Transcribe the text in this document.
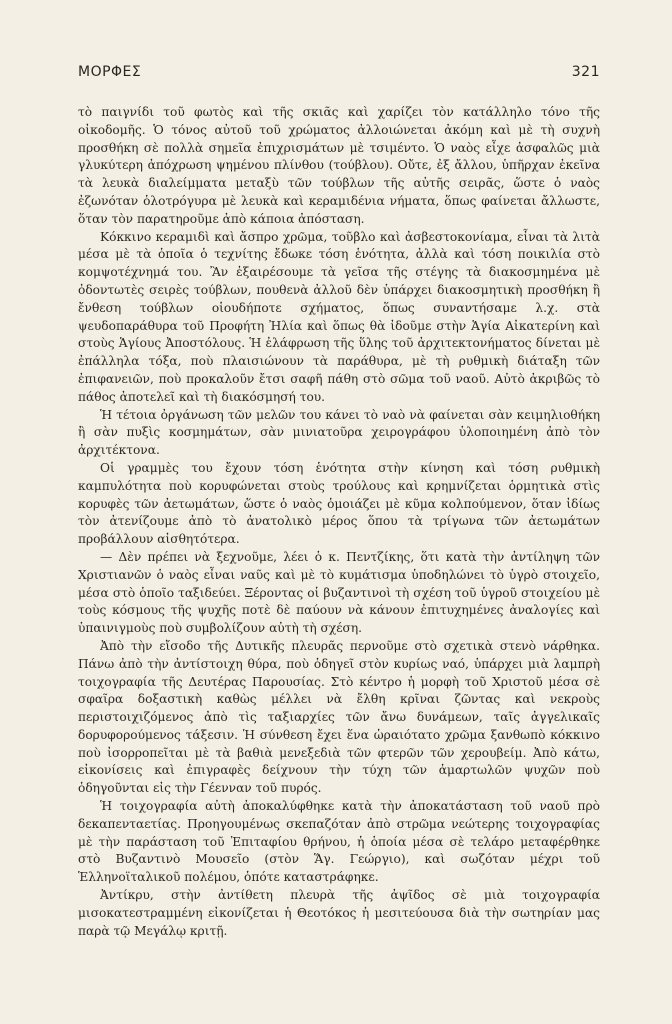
ΜΟΡΦΕΣ	321

τὸ παιγνίδι τοῦ φωτὸς καὶ τῆς σκιᾶς καὶ χαρίζει τὸν κατάλληλο τόνο τῆς οἰκοδομῆς. Ὁ τόνος αὐτοῦ τοῦ χρώματος ἀλλοιώνεται ἀκόμη καὶ μὲ τὴ συχνὴ προσθήκη σὲ πολλὰ σημεῖα ἐπιχρισμάτων μὲ τσιμέντο. Ὁ ναὸς εἶχε ἀσφαλῶς μιὰ γλυκύτερη ἀπόχρωση ψημένου πλίνθου (τούβλου). Οὔτε, ἐξ ἄλλου, ὑπῆρχαν ἐκεῖνα τὰ λευκὰ διαλείμματα μεταξὺ τῶν τούβλων τῆς αὐτῆς σειρᾶς, ὥστε ὁ ναὸς ἐζωνόταν ὁλοτρόγυρα μὲ λευκὰ καὶ κεραμιδένια νήματα, ὅπως φαίνεται ἄλλωστε, ὅταν τὸν παρατηροῦμε ἀπὸ κάποια ἀπόσταση.

Κόκκινο κεραμιδὶ καὶ ἄσπρο χρῶμα, τοῦβλο καὶ ἀσβεστοκονίαμα, εἶναι τὰ λιτὰ μέσα μὲ τὰ ὁποῖα ὁ τεχνίτης ἔδωκε τόση ἑνότητα, ἀλλὰ καὶ τόση ποικιλία στὸ κομψοτέχνημά του. Ἂν ἐξαιρέσουμε τὰ γεῖσα τῆς στέγης τὰ διακοσμημένα μὲ ὀδοντωτὲς σειρὲς τούβλων, πουθενὰ ἀλλοῦ δὲν ὑπάρχει διακοσμητικὴ προσθήκη ἢ ἔνθεση τούβλων οἱουδήποτε σχήματος, ὅπως συναντήσαμε λ.χ. στὰ ψευδοπαράθυρα τοῦ Προφήτη Ἠλία καὶ ὅπως θὰ ἰδοῦμε στὴν Ἁγία Αἰκατερίνη καὶ στοὺς Ἁγίους Ἀποστόλους. Ἡ ἐλάφρωση τῆς ὕλης τοῦ ἀρχιτεκτονήματος δίνεται μὲ ἐπάλληλα τόξα, ποὺ πλαισιώνουν τὰ παράθυρα, μὲ τὴ ρυθμικὴ διάταξη τῶν ἐπιφανειῶν, ποὺ προκαλοῦν ἔτσι σαφῆ πάθη στὸ σῶμα τοῦ ναοῦ. Αὐτὸ ἀκριβῶς τὸ πάθος ἀποτελεῖ καὶ τὴ διακόσμησή του.

Ἡ τέτοια ὀργάνωση τῶν μελῶν του κάνει τὸ ναὸ νὰ φαίνεται σὰν κειμηλιοθήκη ἢ σὰν πυξὶς κοσμημάτων, σὰν μινιατοῦρα χειρογράφου ὑλοποιημένη ἀπὸ τὸν ἀρχιτέκτονα.

Οἱ γραμμὲς του ἔχουν τόση ἑνότητα στὴν κίνηση καὶ τόση ρυθμικὴ καμπυλότητα ποὺ κορυφώνεται στοὺς τρούλους καὶ κρημνίζεται ὁρμητικὰ στὶς κορυφὲς τῶν ἀετωμάτων, ὥστε ὁ ναὸς ὁμοιάζει μὲ κῦμα κολπούμενον, ὅταν ἰδίως τὸν ἀτενίζουμε ἀπὸ τὸ ἀνατολικὸ μέρος ὅπου τὰ τρίγωνα τῶν ἀετωμάτων προβάλλουν αἰσθητότερα.

— Δὲν πρέπει νὰ ξεχνοῦμε, λέει ὁ κ. Πεντζίκης, ὅτι κατὰ τὴν ἀντίληψη τῶν Χριστιανῶν ὁ ναὸς εἶναι ναῦς καὶ μὲ τὸ κυμάτισμα ὑποδηλώνει τὸ ὑγρὸ στοιχεῖο, μέσα στὸ ὁποῖο ταξιδεύει. Ξέροντας οἱ βυζαντινοὶ τὴ σχέση τοῦ ὑγροῦ στοιχείου μὲ τοὺς κόσμους τῆς ψυχῆς ποτὲ δὲ παύουν νὰ κάνουν ἐπιτυχημένες ἀναλογίες καὶ ὑπαινιγμοὺς ποὺ συμβολίζουν αὐτὴ τὴ σχέση.

Ἀπὸ τὴν εἴσοδο τῆς Δυτικῆς πλευρᾶς περνοῦμε στὸ σχετικὰ στενὸ νάρθηκα. Πάνω ἀπὸ τὴν ἀντίστοιχη θύρα, ποὺ ὁδηγεῖ στὸν κυρίως ναό, ὑπάρχει μιὰ λαμπρὴ τοιχογραφία τῆς Δευτέρας Παρουσίας. Στὸ κέντρο ἡ μορφὴ τοῦ Χριστοῦ μέσα σὲ σφαῖρα δοξαστικὴ καθὼς μέλλει νὰ ἔλθη κρῖναι ζῶντας καὶ νεκροὺς περιστοιχιζόμενος ἀπὸ τὶς ταξιαρχίες τῶν ἄνω δυνάμεων, ταῖς ἀγγελικαῖς δορυφορούμενος τάξεσιν. Ἡ σύνθεση ἔχει ἕνα ὡραιότατο χρῶμα ξανθωπὸ κόκκινο ποὺ ἰσορροπεῖται μὲ τὰ βαθιὰ μενεξεδιὰ τῶν φτερῶν τῶν χερουβείμ. Ἀπὸ κάτω, εἰκονίσεις καὶ ἐπιγραφὲς δείχνουν τὴν τύχη τῶν ἁμαρτωλῶν ψυχῶν ποὺ ὁδηγοῦνται εἰς τὴν Γέενναν τοῦ πυρός.

Ἡ τοιχογραφία αὐτὴ ἀποκαλύφθηκε κατὰ τὴν ἀποκατάσταση τοῦ ναοῦ πρὸ δεκαπενταετίας. Προηγουμένως σκεπαζόταν ἀπὸ στρῶμα νεώτερης τοιχογραφίας μὲ τὴν παράσταση τοῦ Ἐπιταφίου θρήνου, ἡ ὁποία μέσα σὲ τελάρο μεταφέρθηκε στὸ Βυζαντινὸ Μουσεῖο (στὸν Ἅγ. Γεώργιο), καὶ σωζόταν μέχρι τοῦ Ἑλληνοϊταλικοῦ πολέμου, ὁπότε καταστράφηκε.

Ἀντίκρυ, στὴν ἀντίθετη πλευρὰ τῆς ἀψῖδος σὲ μιὰ τοιχογραφία μισοκατεστραμμένη εἰκονίζεται ἡ Θεοτόκος ἡ μεσιτεύουσα διὰ τὴν σωτηρίαν μας παρὰ τῷ Μεγάλῳ κριτῇ.
